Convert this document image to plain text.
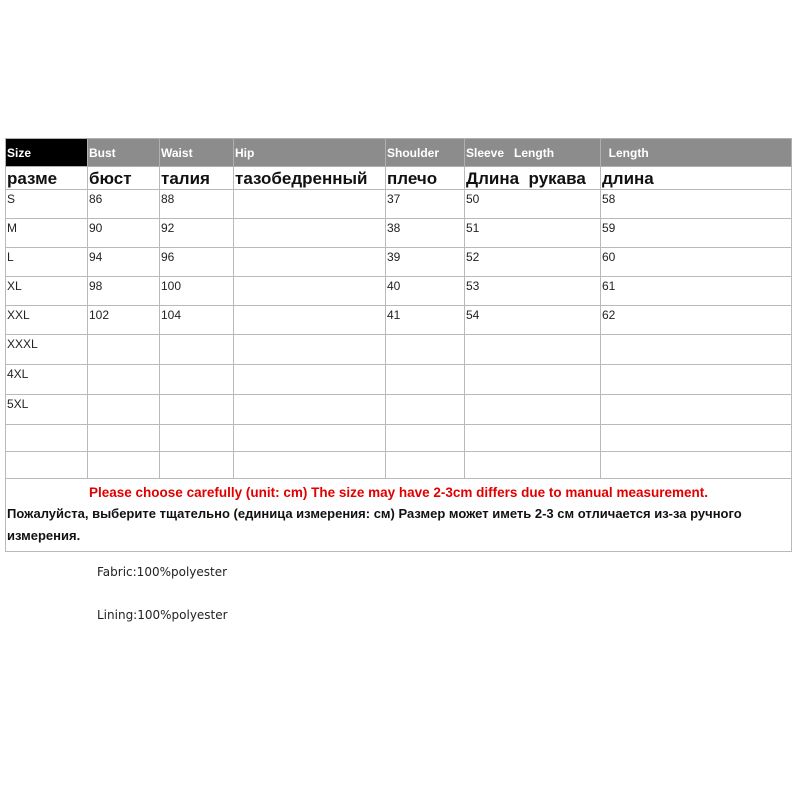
Size	Bust	Waist	Hip	Shoulder	Sleeve   Length	Length
разме	бюст	талия	тазобедренный	плечо	Длина  рукава	длина
S	86	88		37	50	58
M	90	92		38	51	59
L	94	96		39	52	60
XL	98	100		40	53	61
XXL	102	104		41	54	62
XXXL						
4XL						
5XL						

Please choose carefully (unit: cm) The size may have 2-3cm differs due to manual measurement.
Пожалуйста, выберите тщательно (единица измерения: см) Размер может иметь 2-3 см отличается из-за ручного измерения.						
Fabric:100%polyester
Lining:100%polyester
